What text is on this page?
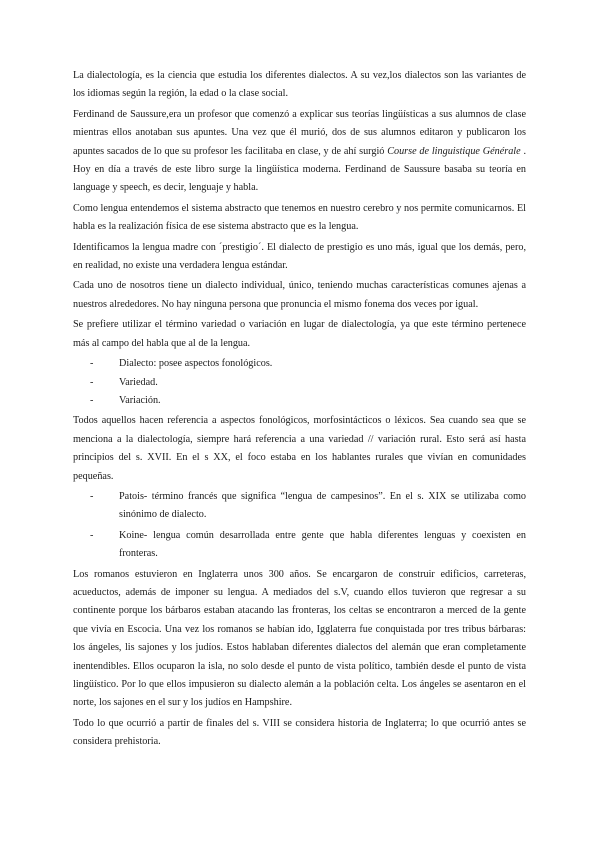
La dialectología, es la ciencia que estudia los diferentes dialectos. A su vez,los dialectos son las variantes de los idiomas según la región, la edad o la clase social.

Ferdinand de Saussure,era un profesor que comenzó a explicar sus teorías lingüísticas a sus alumnos de clase mientras ellos anotaban sus apuntes. Una vez que él murió, dos de sus alumnos editaron y publicaron los apuntes sacados de lo que su profesor les facilitaba en clase, y de ahí surgió Course de linguistique Générale . Hoy en día a través de este libro surge la lingüística moderna. Ferdinand de Saussure basaba su teoría en language y speech, es decir, lenguaje y habla.

Como lengua entendemos el sistema abstracto que tenemos en nuestro cerebro y nos permite comunicarnos. El habla es la realización física de ese sistema abstracto que es la lengua.

Identificamos la lengua madre con ´prestigio´. El dialecto de prestigio es uno más, igual que los demás, pero, en realidad, no existe una verdadera lengua estándar.

Cada uno de nosotros tiene un dialecto individual, único, teniendo muchas características comunes ajenas a nuestros alrededores. No hay ninguna persona que pronuncia el mismo fonema dos veces por igual.

Se prefiere utilizar el término variedad o variación en lugar de dialectología, ya que este término pertenece más al campo del habla que al de la lengua.

-	Dialecto: posee aspectos fonológicos.
-	Variedad.
-	Variación.

Todos aquellos hacen referencia a aspectos fonológicos, morfosintácticos o léxicos. Sea cuando sea que se menciona a la dialectología, siempre hará referencia a una variedad // variación rural. Esto será así hasta principios del s. XVII. En el s XX, el foco estaba en los hablantes rurales que vivían en comunidades pequeñas.

-	Patois- término francés que significa “lengua de campesinos”. En el s. XIX se utilizaba como sinónimo de dialecto.
-	Koine- lengua común desarrollada entre gente que habla diferentes lenguas y coexisten en fronteras.

Los romanos estuvieron en Inglaterra unos 300 años. Se encargaron de construir edificios, carreteras, acueductos, además de imponer su lengua. A mediados del s.V, cuando ellos tuvieron que regresar a su continente porque los bárbaros estaban atacando las fronteras, los celtas se encontraron a merced de la gente que vivía en Escocia. Una vez los romanos se habían ido, Igglaterra fue conquistada por tres tribus bárbaras: los ángeles, lis sajones y los judíos. Estos hablaban diferentes dialectos del alemán que eran completamente inentendibles. Ellos ocuparon la isla, no solo desde el punto de vista político, también desde el punto de vista lingüístico. Por lo que ellos impusieron su dialecto alemán a la población celta. Los ángeles se asentaron en el norte, los sajones en el sur y los judíos en Hampshire.

Todo lo que ocurrió a partir de finales del s. VIII se considera historia de Inglaterra; lo que ocurrió antes se considera prehistoria.
